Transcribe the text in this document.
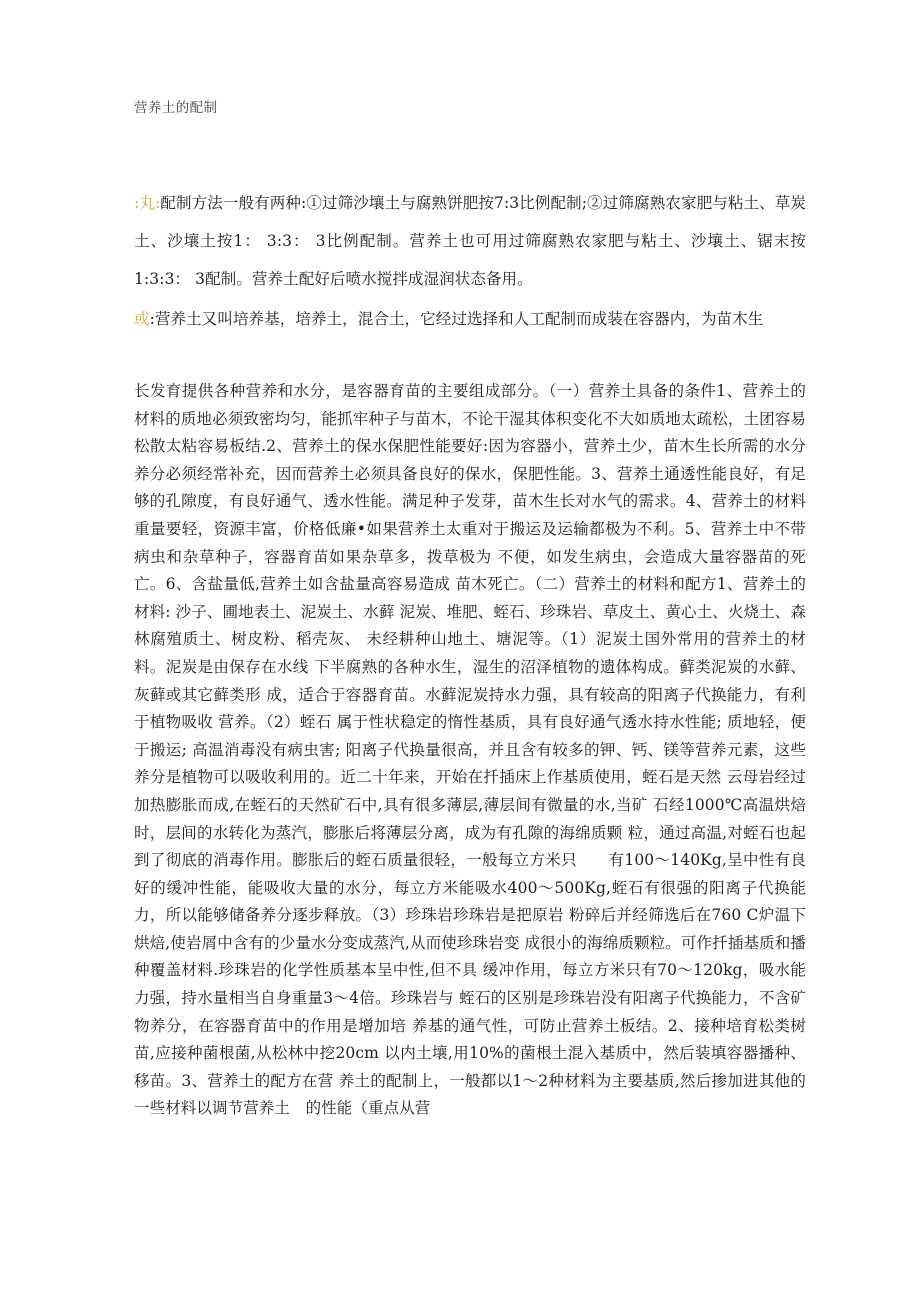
营养土的配制
:丸:配制方法一般有两种:①过筛沙壤土与腐熟饼肥按7:3比例配制;②过筛腐熟农家肥与粘土、草炭土、沙壤土按1： 3:3： 3比例配制。营养土也可用过筛腐熟农家肥与粘土、沙壤土、锯末按1:3:3： 3配制。营养土配好后喷水搅拌成湿润状态备用。
或:营养土又叫培养基，培养土，混合土，它经过选择和人工配制而成装在容器内，为苗木生
长发育提供各种营养和水分，是容器育苗的主要组成部分。（一）营养土具备的条件1、营养土的材料的质地必须致密均匀，能抓牢种子与苗木，不论干湿其体积变化不大如质地太疏松，土团容易松散太粘容易板结.2、营养土的保水保肥性能要好:因为容器小，营养土少，苗木生长所需的水分养分必须经常补充，因而营养土必须具备良好的保水，保肥性能。3、营养土通透性能良好，有足够的孔隙度，有良好通气、透水性能。满足种子发芽，苗木生长对水气的需求。4、营养土的材料重量要轻，资源丰富，价格低廉•如果营养土太重对于搬运及运输都极为不利。5、营养土中不带病虫和杂草种子，容器育苗如果杂草多，拨草极为 不便，如发生病虫，会造成大量容器苗的死亡。6、含盐量低,营养土如含盐量高容易造成 苗木死亡。（二）营养土的材料和配方1、营养土的材料: 沙子、圃地表土、泥炭土、水藓 泥炭、堆肥、蛭石、珍珠岩、草皮土、黄心土、火烧土、森林腐殖质土、树皮粉、稻壳灰、 未经耕种山地土、塘泥等。（1）泥炭土国外常用的营养土的材料。泥炭是由保存在水线 下半腐熟的各种水生，湿生的沼泽植物的遗体构成。藓类泥炭的水藓、灰藓或其它藓类形 成，适合于容器育苗。水藓泥炭持水力强，具有较高的阳离子代换能力，有利于植物吸收 营养。（2）蛭石 属于性状稳定的惰性基质，具有良好通气透水持水性能; 质地轻，便 于搬运; 高温消毒没有病虫害; 阳离子代换量很高，并且含有较多的钾、钙、镁等营养元素，这些养分是植物可以吸收利用的。近二十年来，开始在扦插床上作基质使用，蛭石是天然 云母岩经过加热膨胀而成,在蛭石的天然矿石中,具有很多薄层,薄层间有微量的水,当矿 石经1000℃高温烘焙时，层间的水转化为蒸汽，膨胀后将薄层分离，成为有孔隙的海绵质颗 粒，通过高温,对蛭石也起到了彻底的消毒作用。膨胀后的蛭石质量很轻，一般每立方米只　　有100〜140Kg,呈中性有良好的缓冲性能，能吸收大量的水分，每立方米能吸水400〜500Kg,蛭石有很强的阳离子代换能力，所以能够储备养分逐步释放。（3）珍珠岩珍珠岩是把原岩 粉碎后并经筛选后在760 C炉温下烘焙,使岩屑中含有的少量水分变成蒸汽,从而使珍珠岩变 成很小的海绵质颗粒。可作扦插基质和播种覆盖材料.珍珠岩的化学性质基本呈中性,但不具 缓冲作用，每立方米只有70〜120kg，吸水能力强，持水量相当自身重量3〜4倍。珍珠岩与 蛭石的区别是珍珠岩没有阳离子代换能力，不含矿物养分，在容器育苗中的作用是增加培 养基的通气性，可防止营养土板结。2、接种培育松类树苗,应接种菌根菌,从松林中挖20cm 以内土壤,用10%的菌根土混入基质中，然后装填容器播种、移苗。3、营养土的配方在营 养土的配制上，一般都以1〜2种材料为主要基质,然后掺加进其他的一些材料以调节营养土　的性能（重点从营
